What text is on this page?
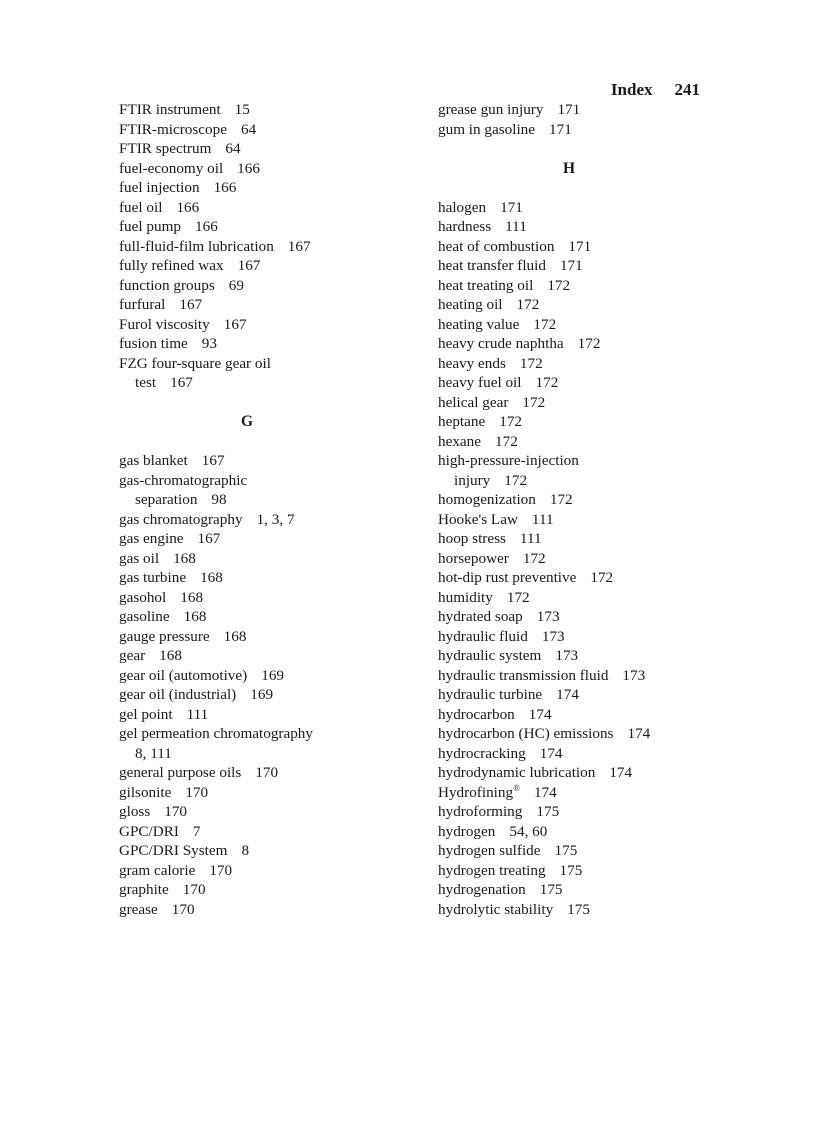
Index 241

FTIR instrument 15
FTIR-microscope 64
FTIR spectrum 64
fuel-economy oil 166
fuel injection 166
fuel oil 166
fuel pump 166
full-fluid-film lubrication 167
fully refined wax 167
function groups 69
furfural 167
Furol viscosity 167
fusion time 93
FZG four-square gear oil
test 167
G
gas blanket 167
gas-chromatographic
separation 98
gas chromatography 1, 3, 7
gas engine 167
gas oil 168
gas turbine 168
gasohol 168
gasoline 168
gauge pressure 168
gear 168
gear oil (automotive) 169
gear oil (industrial) 169
gel point 111
gel permeation chromatography
8, 111
general purpose oils 170
gilsonite 170
gloss 170
GPC/DRI 7
GPC/DRI System 8
gram calorie 170
graphite 170
grease 170
grease gun injury 171
gum in gasoline 171
H
halogen 171
hardness 111
heat of combustion 171
heat transfer fluid 171
heat treating oil 172
heating oil 172
heating value 172
heavy crude naphtha 172
heavy ends 172
heavy fuel oil 172
helical gear 172
heptane 172
hexane 172
high-pressure-injection
injury 172
homogenization 172
Hooke's Law 111
hoop stress 111
horsepower 172
hot-dip rust preventive 172
humidity 172
hydrated soap 173
hydraulic fluid 173
hydraulic system 173
hydraulic transmission fluid 173
hydraulic turbine 174
hydrocarbon 174
hydrocarbon (HC) emissions 174
hydrocracking 174
hydrodynamic lubrication 174
Hydrofining® 174
hydroforming 175
hydrogen 54, 60
hydrogen sulfide 175
hydrogen treating 175
hydrogenation 175
hydrolytic stability 175
